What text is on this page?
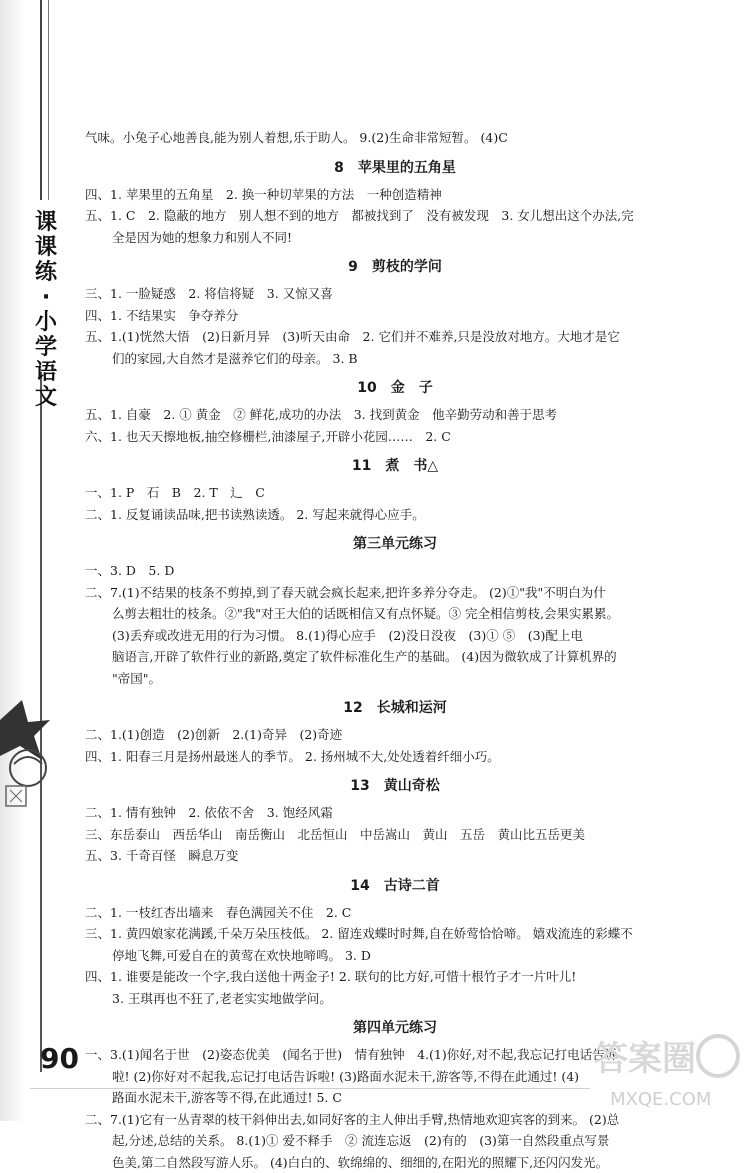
课
课
练
·
小
学
语
文
气味。小兔子心地善良,能为别人着想,乐于助人。 9.(2)生命非常短暂。 (4)C
8　苹果里的五角星
四、1. 苹果里的五角星　2. 换一种切苹果的方法　一种创造精神
五、1. C　2. 隐蔽的地方　别人想不到的地方　都被找到了　没有被发现　3. 女儿想出这个办法,完
全是因为她的想象力和别人不同!
9　剪枝的学问
三、1. 一脸疑惑　2. 将信将疑　3. 又惊又喜
四、1. 不结果实　争夺养分
五、1.(1)恍然大悟　(2)日新月异　(3)听天由命　2. 它们并不难养,只是没放对地方。大地才是它
们的家园,大自然才是滋养它们的母亲。 3. B
10　金　子
五、1. 自豪　2. ① 黄金　② 鲜花,成功的办法　3. 找到黄金　他辛勤劳动和善于思考
六、1. 也天天擦地板,抽空修栅栏,油漆屋子,开辟小花园……　2. C
11　煮　书△
一、1. P　石　B　2. T　辶　C
二、1. 反复诵读品味,把书读熟读透。 2. 写起来就得心应手。
第三单元练习
一、3. D　5. D
二、7.(1)不结果的枝条不剪掉,到了春天就会疯长起来,把许多养分夺走。 (2)①"我"不明白为什
么剪去粗壮的枝条。②"我"对王大伯的话既相信又有点怀疑。③ 完全相信剪枝,会果实累累。
(3)丢弃或改进无用的行为习惯。 8.(1)得心应手　(2)没日没夜　(3)① ⑤　(3)配上电
脑语言,开辟了软件行业的新路,奠定了软件标准化生产的基础。 (4)因为微软成了计算机界的
"帝国"。
12　长城和运河
二、1.(1)创造　(2)创新　2.(1)奇异　(2)奇迹
四、1. 阳春三月是扬州最迷人的季节。 2. 扬州城不大,处处透着纤细小巧。
13　黄山奇松
二、1. 情有独钟　2. 依依不舍　3. 饱经风霜
三、东岳泰山　西岳华山　南岳衡山　北岳恒山　中岳嵩山　黄山　五岳　黄山比五岳更美
五、3. 千奇百怪　瞬息万变
14　古诗二首
二、1. 一枝红杏出墙来　春色满园关不住　2. C
三、1. 黄四娘家花满蹊,千朵万朵压枝低。 2. 留连戏蝶时时舞,自在娇莺恰恰啼。 嬉戏流连的彩蝶不
停地飞舞,可爱自在的黄莺在欢快地啼鸣。 3. D
四、1. 谁要是能改一个字,我白送他十两金子! 2. 联句的比方好,可惜十根竹子才一片叶儿!
3. 王琪再也不狂了,老老实实地做学问。
第四单元练习
一、3.(1)闻名于世　(2)姿态优美　(闻名于世)　情有独钟　4.(1)你好,对不起,我忘记打电话告诉
啦! (2)你好对不起我,忘记打电话告诉啦! (3)路面水泥未干,游客等,不得在此通过! (4)
路面水泥未干,游客等不得,在此通过! 5. C
二、7.(1)它有一丛青翠的枝干斜伸出去,如同好客的主人伸出手臂,热情地欢迎宾客的到来。 (2)总
起,分述,总结的关系。 8.(1)① 爱不释手　② 流连忘返　(2)有的　(3)第一自然段重点写景
色美,第二自然段写游人乐。 (4)白白的、软绵绵的、细细的,在阳光的照耀下,还闪闪发光。
90	答案圈
MXQE.COM
